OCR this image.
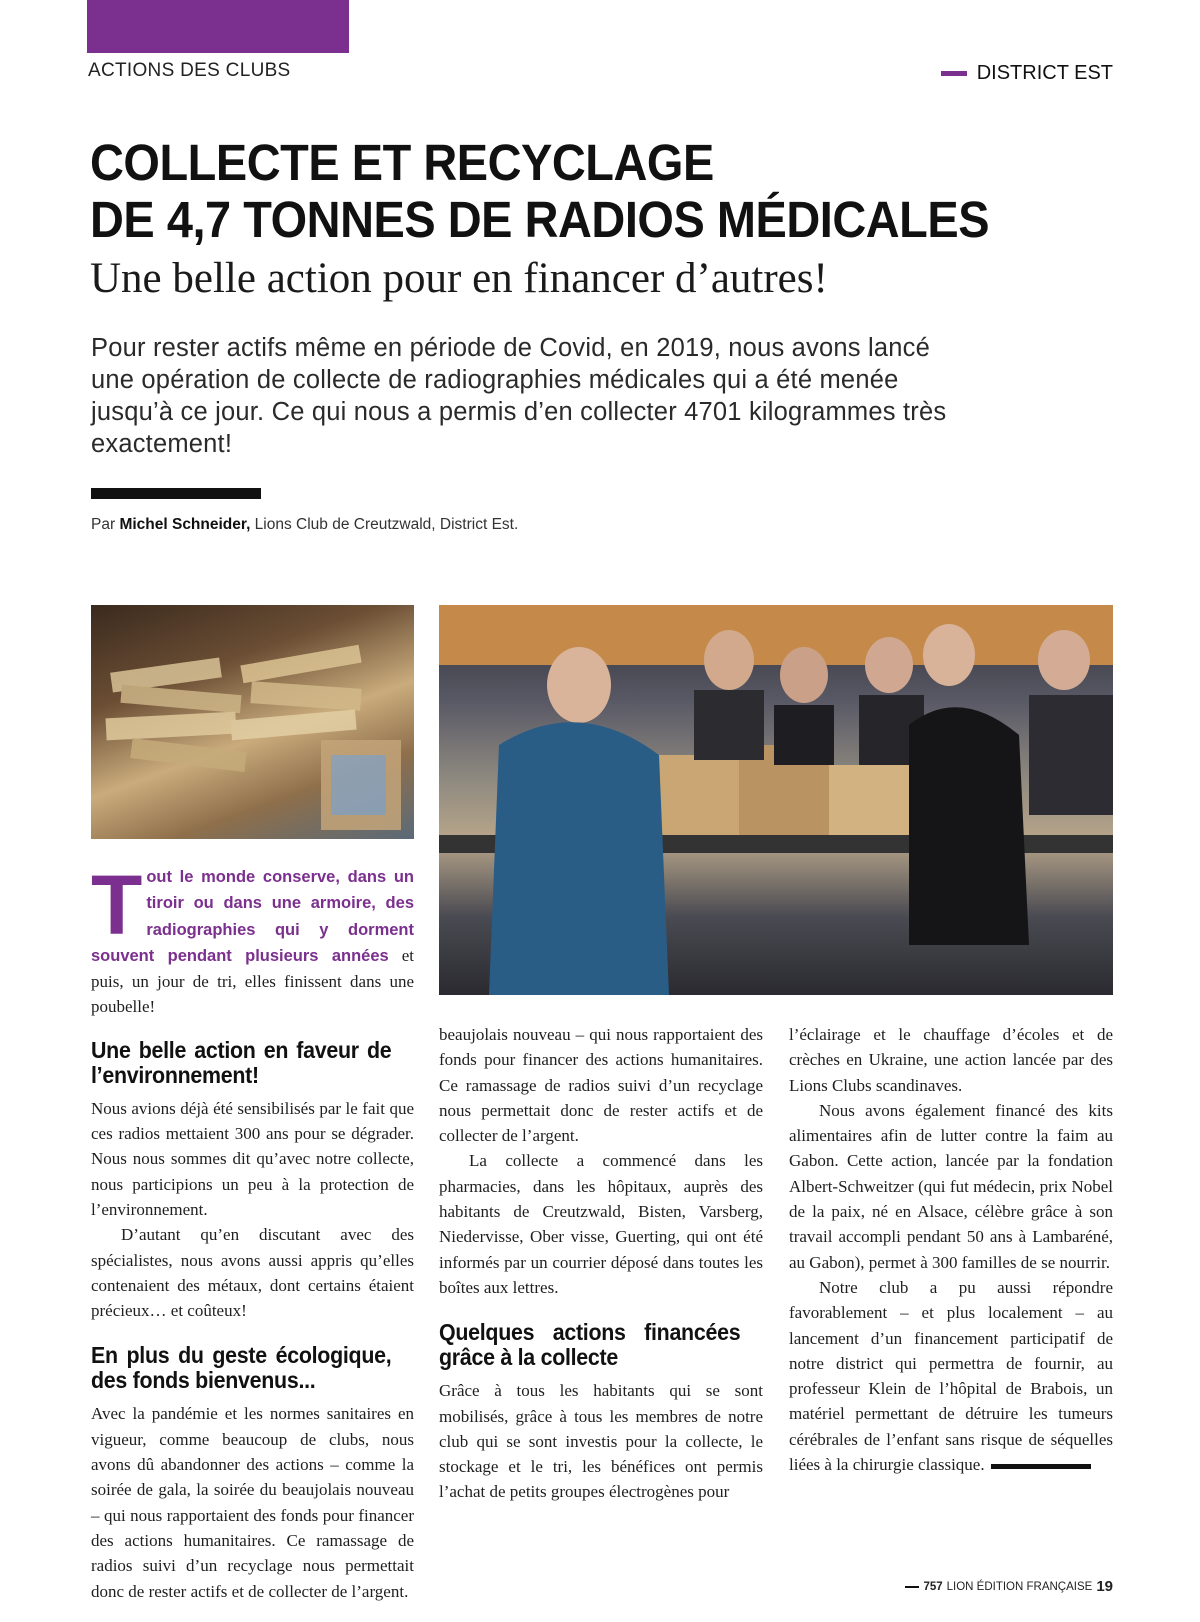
ACTIONS DES CLUBS	DISTRICT EST
COLLECTE ET RECYCLAGE
DE 4,7 TONNES DE RADIOS MÉDICALES
Une belle action pour en financer d’autres!
Pour rester actifs même en période de Covid, en 2019, nous avons lancé une opération de collecte de radiographies médicales qui a été menée jusqu’à ce jour. Ce qui nous a permis d’en collecter 4701 kilogrammes très exactement!
Par Michel Schneider, Lions Club de Creutzwald, District Est.

Tout le monde conserve, dans un tiroir ou dans une armoire, des radiographies qui y dorment souvent pendant plusieurs années et puis, un jour de tri, elles finissent dans une poubelle!

Une belle action en faveur de l’environnement!

Nous avions déjà été sensibilisés par le fait que ces radios mettaient 300 ans pour se dégrader. Nous nous sommes dit qu’avec notre collecte, nous participions un peu à la protection de l’environnement.

D’autant qu’en discutant avec des spécialistes, nous avons aussi appris qu’elles contenaient des métaux, dont certains étaient précieux… et coûteux!

En plus du geste écologique, des fonds bienvenus...

Avec la pandémie et les normes sanitaires en vigueur, comme beaucoup de clubs, nous avons dû abandonner des actions – comme la soirée de gala, la soirée du beaujolais nouveau – qui nous rapportaient des fonds pour financer des actions humanitaires. Ce ramassage de radios suivi d’un recyclage nous permettait donc de rester actifs et de collecter de l’argent.

beaujolais nouveau – qui nous rapportaient des fonds pour financer des actions humanitaires. Ce ramassage de radios suivi d’un recyclage nous permettait donc de rester actifs et de collecter de l’argent.

La collecte a commencé dans les pharmacies, dans les hôpitaux, auprès des habitants de Creutzwald, Bisten, Varsberg, Niedervisse, Ober visse, Guerting, qui ont été informés par un courrier déposé dans toutes les boîtes aux lettres.

Quelques actions financées grâce à la collecte

Grâce à tous les habitants qui se sont mobilisés, grâce à tous les membres de notre club qui se sont investis pour la collecte, le stockage et le tri, les bénéfices ont permis l’achat de petits groupes électrogènes pour

l’éclairage et le chauffage d’écoles et de crèches en Ukraine, une action lancée par des Lions Clubs scandinaves.

Nous avons également financé des kits alimentaires afin de lutter contre la faim au Gabon. Cette action, lancée par la fondation Albert-Schweitzer (qui fut médecin, prix Nobel de la paix, né en Alsace, célèbre grâce à son travail accompli pendant 50 ans à Lambaréné, au Gabon), permet à 300 familles de se nourrir.

Notre club a pu aussi répondre favorablement – et plus localement – au lancement d’un financement participatif de notre district qui permettra de fournir, au professeur Klein de l’hôpital de Brabois, un matériel permettant de détruire les tumeurs cérébrales de l’enfant sans risque de séquelles liées à la chirurgie classique.

757 LION ÉDITION FRANÇAISE 19
